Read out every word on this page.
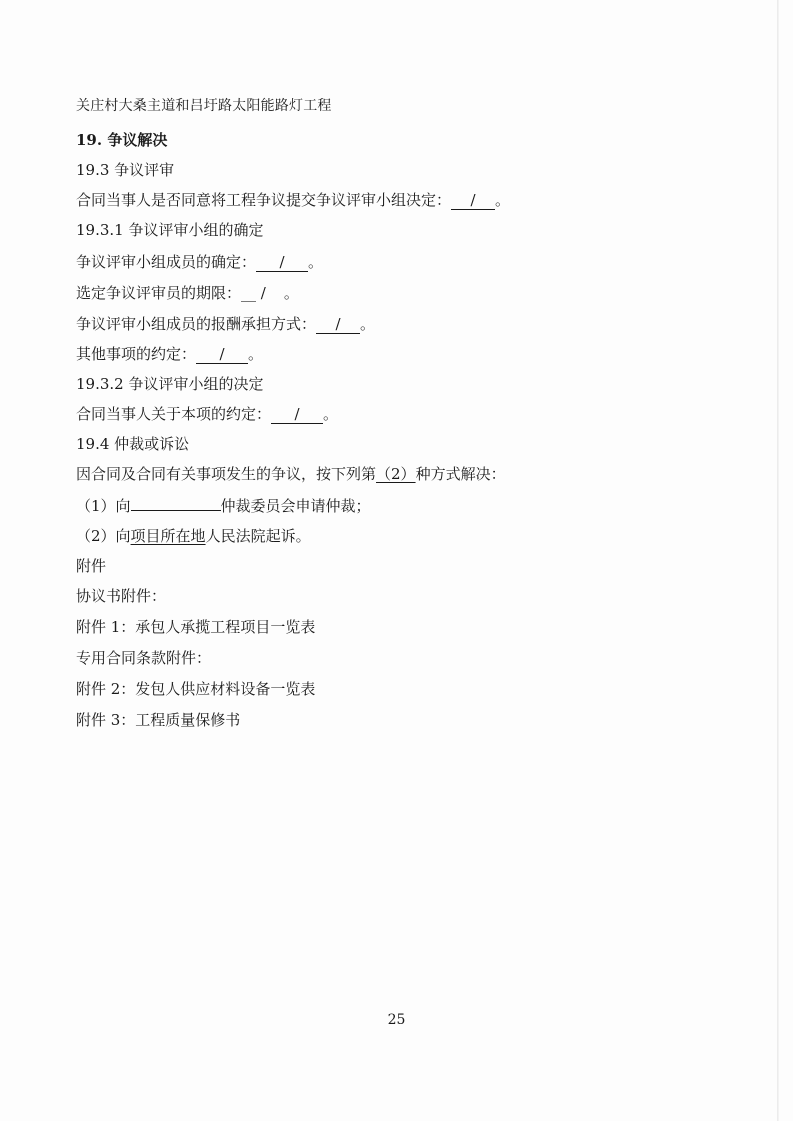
关庄村大桑主道和吕圩路太阳能路灯工程
19. 争议解决
19.3 争议评审
合同当事人是否同意将工程争议提交争议评审小组决定： / 。
19.3.1 争议评审小组的确定
争议评审小组成员的确定： / 。
选定争议评审员的期限：__ / 。
争议评审小组成员的报酬承担方式： / 。
其他事项的约定： / 。
19.3.2 争议评审小组的决定
合同当事人关于本项的约定： / 。
19.4 仲裁或诉讼
因合同及合同有关事项发生的争议，按下列第（2）种方式解决：
（1）向	仲裁委员会申请仲裁；
（2）向项目所在地人民法院起诉。
附件
协议书附件：
附件 1：承包人承揽工程项目一览表
专用合同条款附件：
附件 2：发包人供应材料设备一览表
附件 3：工程质量保修书
25
